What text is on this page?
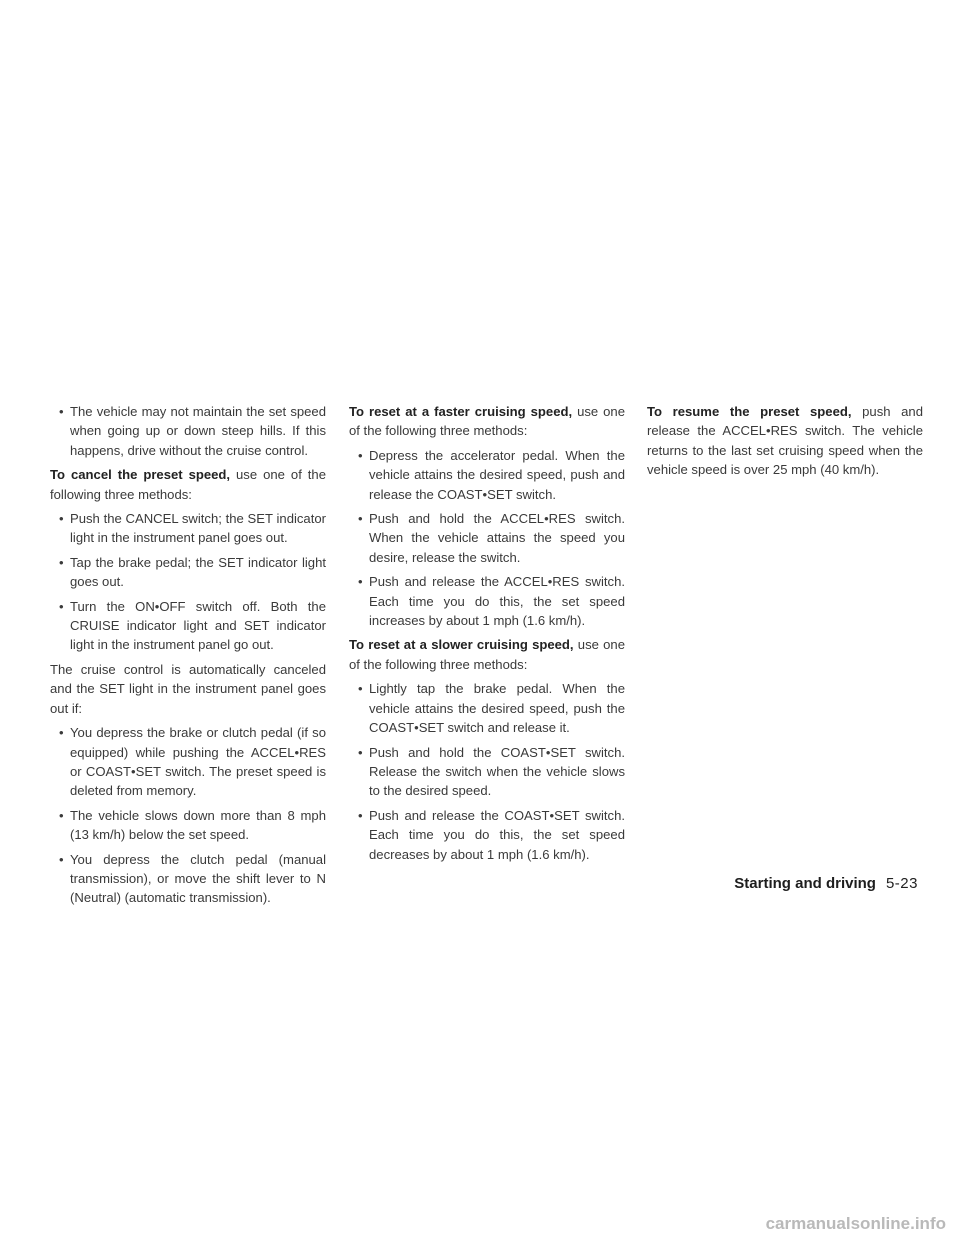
• The vehicle may not maintain the set speed when going up or down steep hills. If this happens, drive without the cruise control.

To cancel the preset speed, use one of the following three methods:

• Push the CANCEL switch; the SET indicator light in the instrument panel goes out.
• Tap the brake pedal; the SET indicator light goes out.
• Turn the ON•OFF switch off. Both the CRUISE indicator light and SET indicator light in the instrument panel go out.

The cruise control is automatically canceled and the SET light in the instrument panel goes out if:

• You depress the brake or clutch pedal (if so equipped) while pushing the ACCEL•RES or COAST•SET switch. The preset speed is deleted from memory.
• The vehicle slows down more than 8 mph (13 km/h) below the set speed.
• You depress the clutch pedal (manual transmission), or move the shift lever to N (Neutral) (automatic transmission).

To reset at a faster cruising speed, use one of the following three methods:

• Depress the accelerator pedal. When the vehicle attains the desired speed, push and release the COAST•SET switch.
• Push and hold the ACCEL•RES switch. When the vehicle attains the speed you desire, release the switch.
• Push and release the ACCEL•RES switch. Each time you do this, the set speed increases by about 1 mph (1.6 km/h).

To reset at a slower cruising speed, use one of the following three methods:

• Lightly tap the brake pedal. When the vehicle attains the desired speed, push the COAST•SET switch and release it.
• Push and hold the COAST•SET switch. Release the switch when the vehicle slows to the desired speed.
• Push and release the COAST•SET switch. Each time you do this, the set speed decreases by about 1 mph (1.6 km/h).

To resume the preset speed, push and release the ACCEL•RES switch. The vehicle returns to the last set cruising speed when the vehicle speed is over 25 mph (40 km/h).

Starting and driving 5-23
carmanualsonline.info
